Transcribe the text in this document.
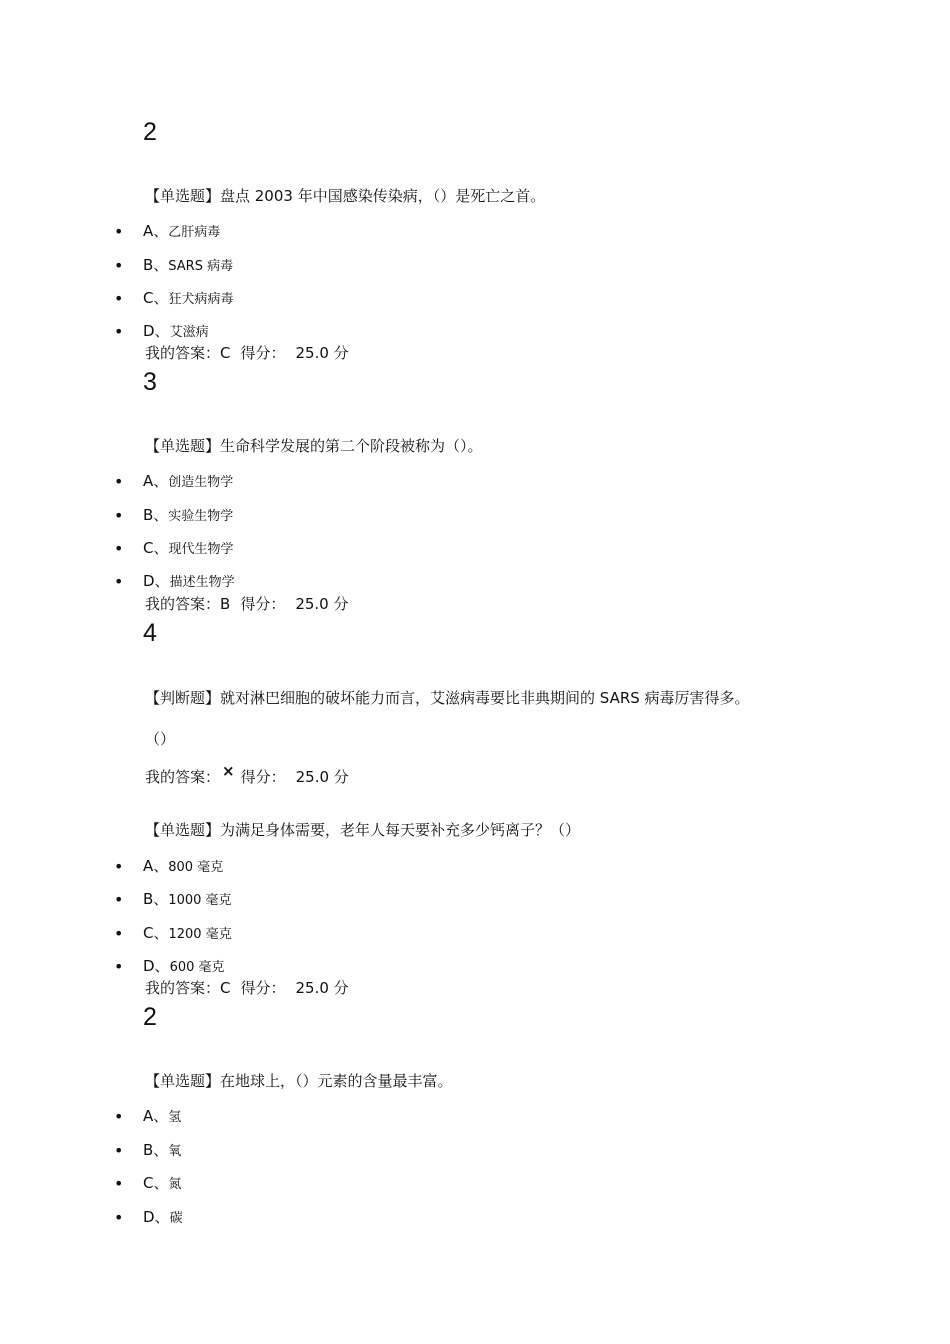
2
【单选题】盘点 2003 年中国感染传染病，（）是死亡之首。
• A、乙肝病毒
• B、SARS 病毒
• C、狂犬病病毒
• D、艾滋病
我的答案：C 得分： 25.0 分
3
【单选题】生命科学发展的第二个阶段被称为（）。
• A、创造生物学
• B、实验生物学
• C、现代生物学
• D、描述生物学
我的答案：B 得分： 25.0 分
4
【判断题】就对淋巴细胞的破坏能力而言，艾滋病毒要比非典期间的 SARS 病毒厉害得多。
（）
我的答案： × 得分： 25.0 分
【单选题】为满足身体需要，老年人每天要补充多少钙离子？（）
• A、800 毫克
• B、1000 毫克
• C、1200 毫克
• D、600 毫克
我的答案：C 得分： 25.0 分
2
【单选题】在地球上，（）元素的含量最丰富。
• A、氢
• B、氧
• C、氮
• D、碳
